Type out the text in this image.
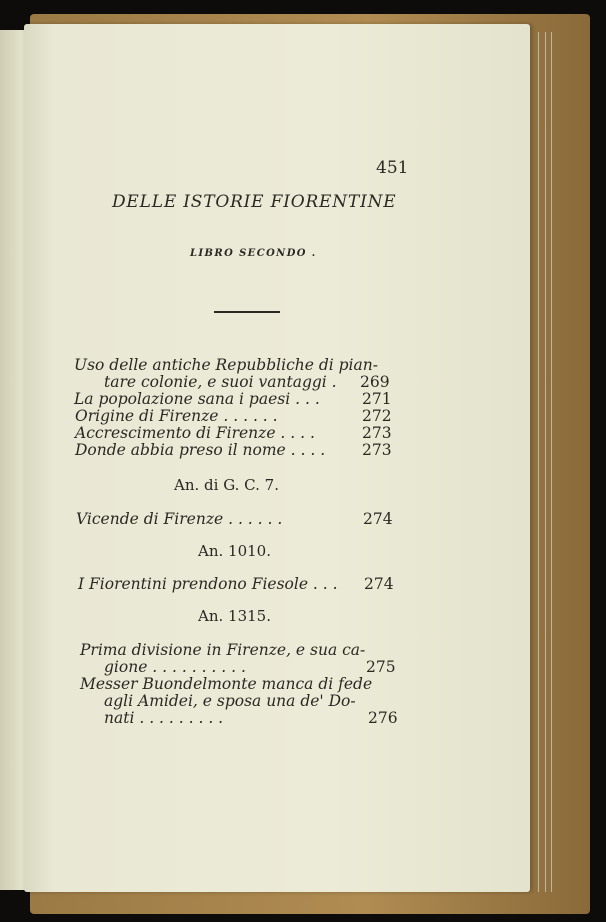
451
DELLE ISTORIE FIORENTINE
LIBRO SECONDO .
Uso delle antiche Repubbliche di pian-
tare colonie, e suoi vantaggi . 269
La popolazione sana i paesi . . .	271
Origine di Firenze . . . . . .	272
Accrescimento di Firenze . . . .	273
Donde abbia preso il nome . . . . 273
An. di G. C. 7.
Vicende di Firenze . . . . . .	274
An. 1010.
I Fiorentini prendono Fiesole . . . 274
An. 1315.
Prima divisione in Firenze, e sua ca-
gione . . . . . . . . . .	275
Messer Buondelmonte manca di fede
agli Amidei, e sposa una de' Do-
nati . . . . . . . . .	276
